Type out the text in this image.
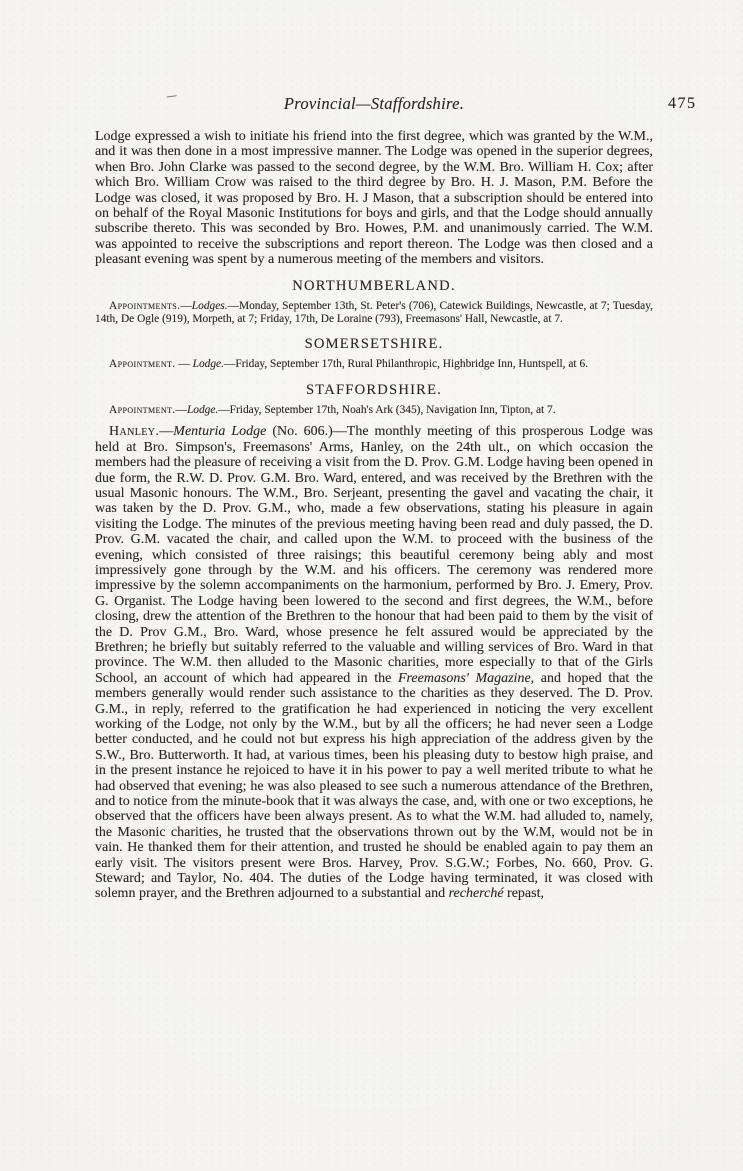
Provincial—Staffordshire.	475

Lodge expressed a wish to initiate his friend into the first degree, which was granted by the W.M., and it was then done in a most impressive manner. The Lodge was opened in the superior degrees, when Bro. John Clarke was passed to the second degree, by the W.M. Bro. William H. Cox; after which Bro. William Crow was raised to the third degree by Bro. H. J. Mason, P.M. Before the Lodge was closed, it was proposed by Bro. H. J Mason, that a subscription should be entered into on behalf of the Royal Masonic Institutions for boys and girls, and that the Lodge should annually subscribe thereto. This was seconded by Bro. Howes, P.M. and unanimously carried. The W.M. was appointed to receive the subscriptions and report thereon. The Lodge was then closed and a pleasant evening was spent by a numerous meeting of the members and visitors.

NORTHUMBERLAND.

Appointments.—Lodges.—Monday, September 13th, St. Peter's (706), Catewick Buildings, Newcastle, at 7; Tuesday, 14th, De Ogle (919), Morpeth, at 7; Friday, 17th, De Loraine (793), Freemasons' Hall, Newcastle, at 7.

SOMERSETSHIRE.

Appointment. — Lodge.—Friday, September 17th, Rural Philanthropic, Highbridge Inn, Huntspell, at 6.

STAFFORDSHIRE.

Appointment.—Lodge.—Friday, September 17th, Noah's Ark (345), Navigation Inn, Tipton, at 7.

Hanley.—Menturia Lodge (No. 606.)—The monthly meeting of this prosperous Lodge was held at Bro. Simpson's, Freemasons' Arms, Hanley, on the 24th ult., on which occasion the members had the pleasure of receiving a visit from the D. Prov. G.M. Lodge having been opened in due form, the R.W. D. Prov. G.M. Bro. Ward, entered, and was received by the Brethren with the usual Masonic honours. The W.M., Bro. Serjeant, presenting the gavel and vacating the chair, it was taken by the D. Prov. G.M., who, made a few observations, stating his pleasure in again visiting the Lodge. The minutes of the previous meeting having been read and duly passed, the D. Prov. G.M. vacated the chair, and called upon the W.M. to proceed with the business of the evening, which consisted of three raisings; this beautiful ceremony being ably and most impressively gone through by the W.M. and his officers. The ceremony was rendered more impressive by the solemn accompaniments on the harmonium, performed by Bro. J. Emery, Prov. G. Organist. The Lodge having been lowered to the second and first degrees, the W.M., before closing, drew the attention of the Brethren to the honour that had been paid to them by the visit of the D. Prov G.M., Bro. Ward, whose presence he felt assured would be appreciated by the Brethren; he briefly but suitably referred to the valuable and willing services of Bro. Ward in that province. The W.M. then alluded to the Masonic charities, more especially to that of the Girls School, an account of which had appeared in the Freemasons' Magazine, and hoped that the members generally would render such assistance to the charities as they deserved. The D. Prov. G.M., in reply, referred to the gratification he had experienced in noticing the very excellent working of the Lodge, not only by the W.M., but by all the officers; he had never seen a Lodge better conducted, and he could not but express his high appreciation of the address given by the S.W., Bro. Butterworth. It had, at various times, been his pleasing duty to bestow high praise, and in the present instance he rejoiced to have it in his power to pay a well merited tribute to what he had observed that evening; he was also pleased to see such a numerous attendance of the Brethren, and to notice from the minute-book that it was always the case, and, with one or two exceptions, he observed that the officers have been always present. As to what the W.M. had alluded to, namely, the Masonic charities, he trusted that the observations thrown out by the W.M, would not be in vain. He thanked them for their attention, and trusted he should be enabled again to pay them an early visit. The visitors present were Bros. Harvey, Prov. S.G.W.; Forbes, No. 660, Prov. G. Steward; and Taylor, No. 404. The duties of the Lodge having terminated, it was closed with solemn prayer, and the Brethren adjourned to a substantial and recherché repast,
